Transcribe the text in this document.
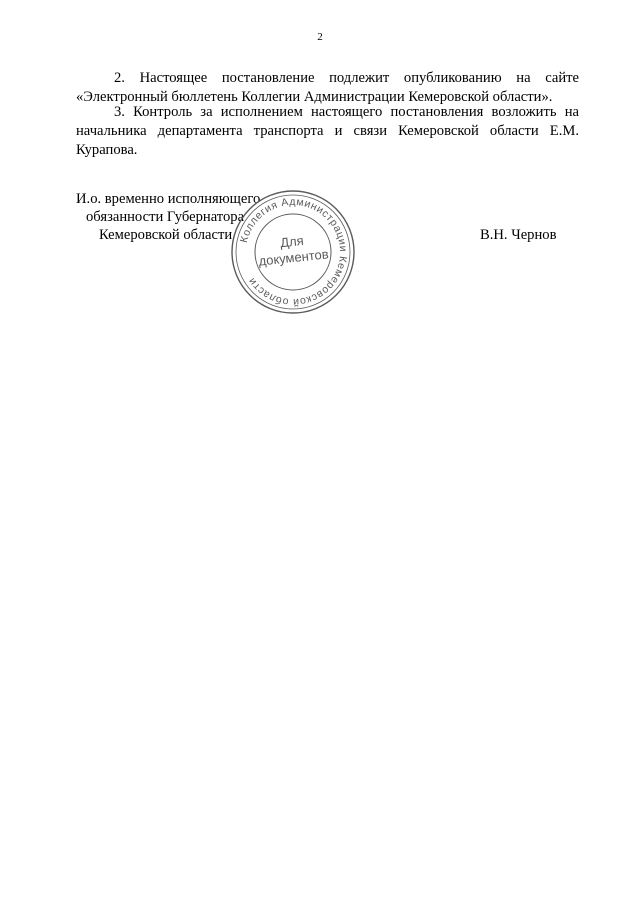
2

2. Настоящее постановление подлежит опубликованию на сайте «Электронный бюллетень Коллегии Администрации Кемеровской области».

3. Контроль за исполнением настоящего постановления возложить на начальника департамента транспорта и связи Кемеровской области Е.М. Курапова.

И.о. временно исполняющего
обязанности Губернатора
Кемеровской области	В.Н. Чернов
Коллегия Администрации Кемеровской области
Для
документов
